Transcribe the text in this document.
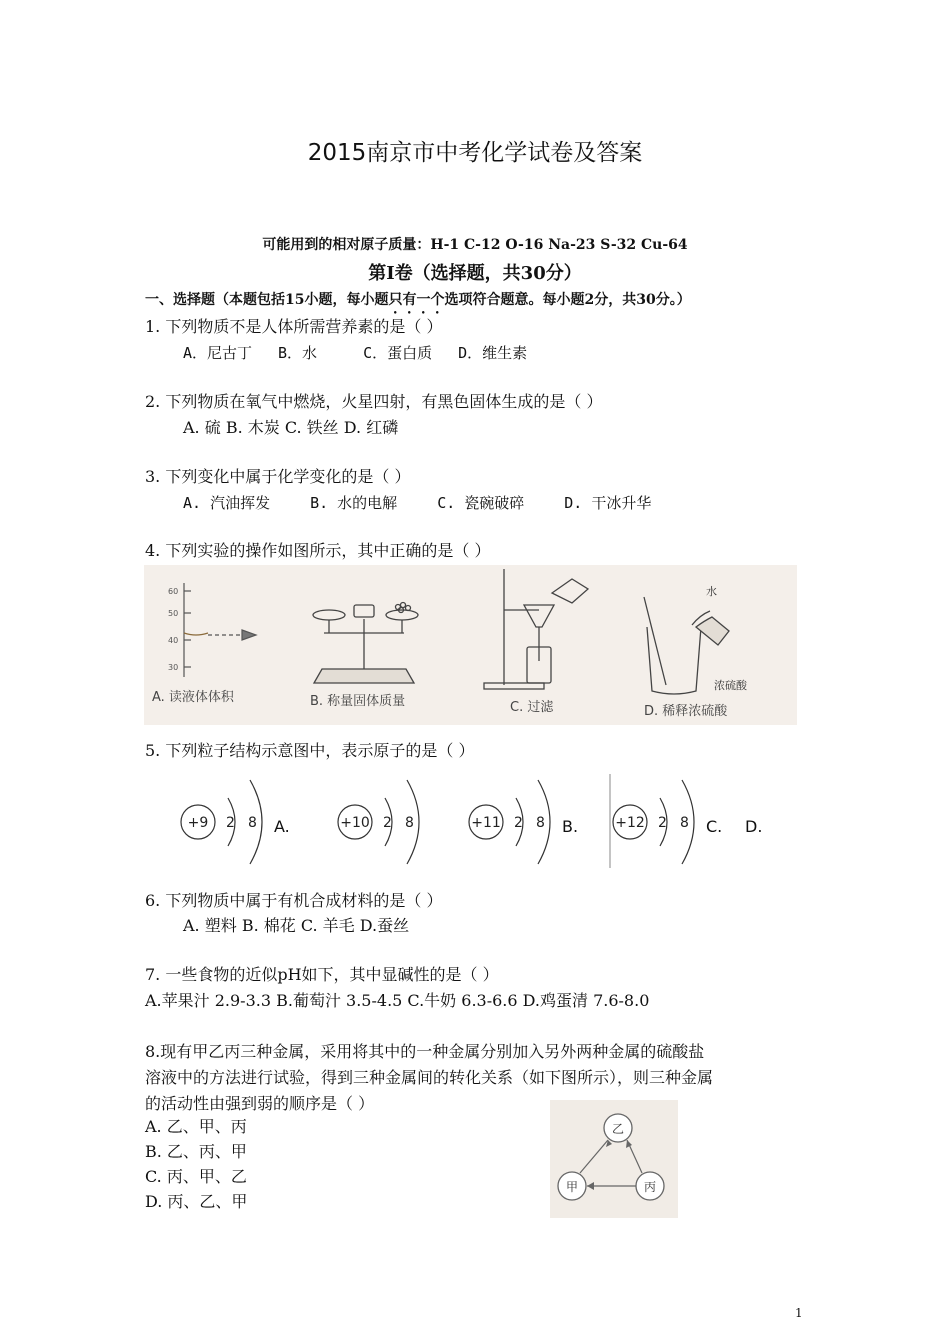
2015南京市中考化学试卷及答案
可能用到的相对原子质量：H-1 C-12 O-16 Na-23 S-32 Cu-64
第Ⅰ卷（选择题，共30分）
一、选择题（本题包括15小题，每小题只有一个选项符合题意。每小题2分，共30分。）
1. 下列物质不是人体所需营养素的是（ ）
A．尼古丁 B．水	C．蛋白质 D．维生素
2. 下列物质在氧气中燃烧，火星四射，有黑色固体生成的是（ ）
A. 硫 B. 木炭 C. 铁丝 D. 红磷
3. 下列变化中属于化学变化的是（ ）
A. 汽油挥发	B. 水的电解	C. 瓷碗破碎	D. 干冰升华
4. 下列实验的操作如图所示，其中正确的是（ ）
60
50
40
30
A. 读液体体积	B. 称量固体质量	C. 过滤
水
浓硫酸
D. 稀释浓硫酸
5. 下列粒子结构示意图中，表示原子的是（ ）
+9 2 8 A.	+10 2 8	+11 2 8 B.	+12 2 8 C. D.
6. 下列物质中属于有机合成材料的是（ ）
A. 塑料 B. 棉花 C. 羊毛 D.蚕丝
7. 一些食物的近似pH如下，其中显碱性的是（ ）
A.苹果汁 2.9-3.3 B.葡萄汁 3.5-4.5 C.牛奶 6.3-6.6 D.鸡蛋清 7.6-8.0
8.现有甲乙丙三种金属，采用将其中的一种金属分别加入另外两种金属的硫酸盐
溶液中的方法进行试验，得到三种金属间的转化关系（如下图所示），则三种金属
的活动性由强到弱的顺序是（ ）
A. 乙、甲、丙
B. 乙、丙、甲
C. 丙、甲、乙
D. 丙、乙、甲
乙
甲	丙
1
